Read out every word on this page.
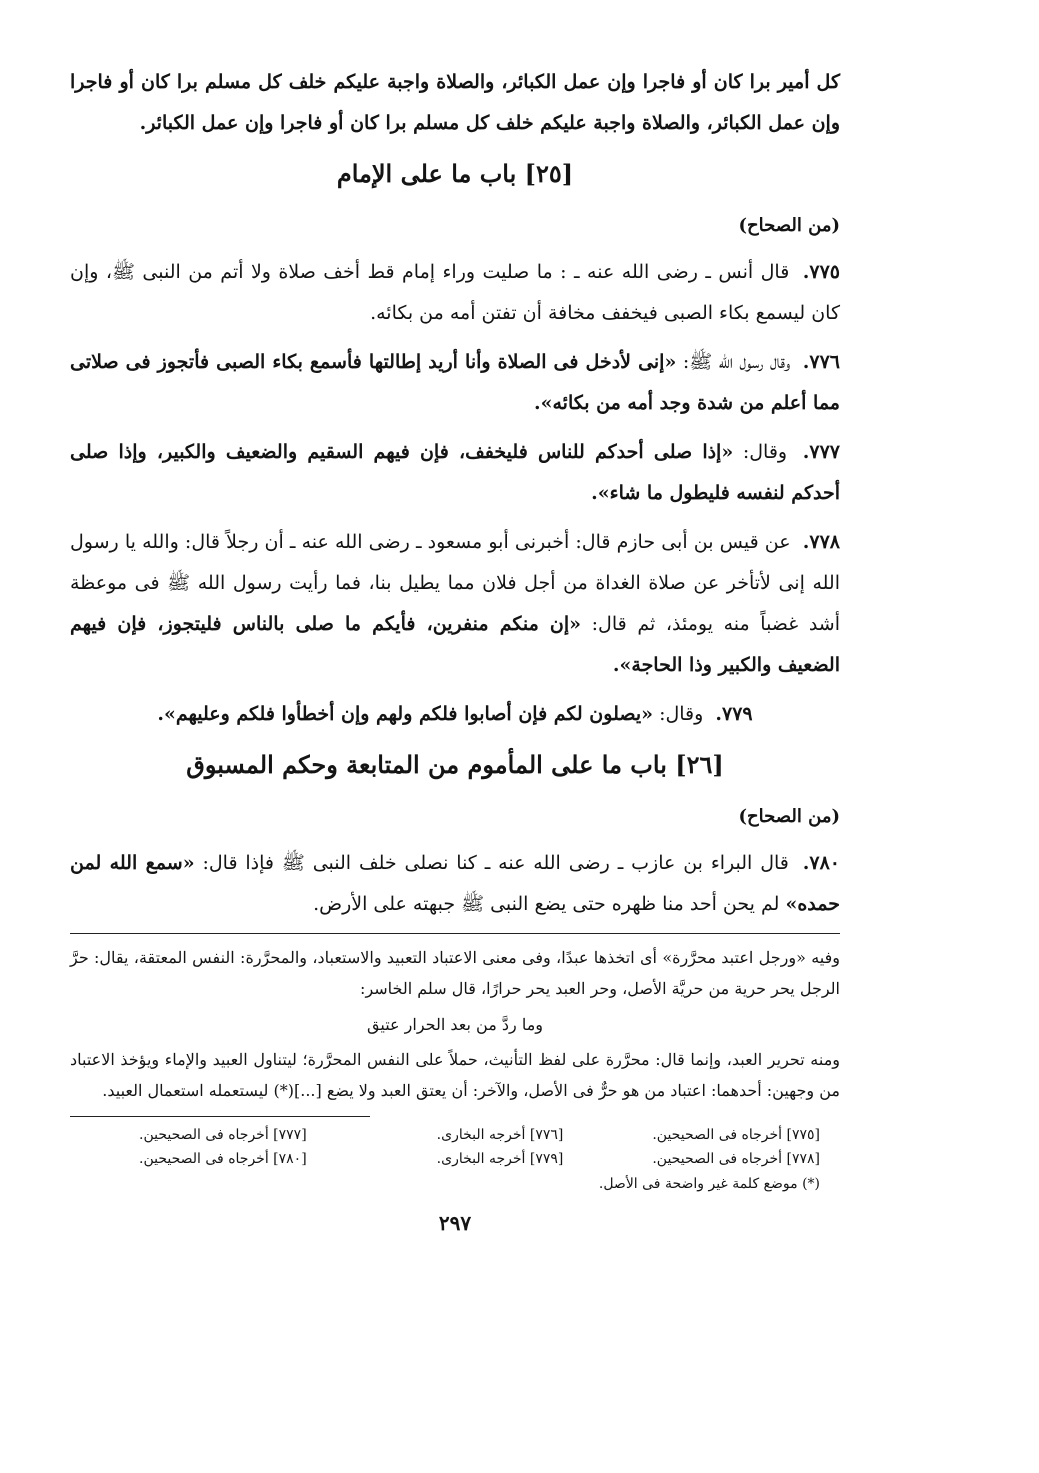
كل أمير برا كان أو فاجرا وإن عمل الكبائر، والصلاة واجبة عليكم خلف كل مسلم برا كان أو فاجرا وإن عمل الكبائر، والصلاة واجبة عليكم خلف كل مسلم برا كان أو فاجرا وإن عمل الكبائر.

[٢٥] باب ما على الإمام
(من الصحاح)

٧٧٥. قال أنس ـ رضى الله عنه ـ : ما صليت وراء إمام قط أخف صلاة ولا أتم من النبى ﷺ، وإن كان ليسمع بكاء الصبى فيخفف مخافة أن تفتن أمه من بكائه.

٧٧٦. وقال رسول الله ﷺ: «إنى لأدخل فى الصلاة وأنا أريد إطالتها فأسمع بكاء الصبى فأتجوز فى صلاتى مما أعلم من شدة وجد أمه من بكائه».

٧٧٧. وقال: «إذا صلى أحدكم للناس فليخفف، فإن فيهم السقيم والضعيف والكبير، وإذا صلى أحدكم لنفسه فليطول ما شاء».

٧٧٨. عن قيس بن أبى حازم قال: أخبرنى أبو مسعود ـ رضى الله عنه ـ أن رجلاً قال: والله يا رسول الله إنى لأتأخر عن صلاة الغداة من أجل فلان مما يطيل بنا، فما رأيت رسول الله ﷺ فى موعظة أشد غضباً منه يومئذ، ثم قال: «إن منكم منفرين، فأيكم ما صلى بالناس فليتجوز، فإن فيهم الضعيف والكبير وذا الحاجة».

٧٧٩. وقال: «يصلون لكم فإن أصابوا فلكم ولهم وإن أخطأوا فلكم وعليهم».

[٢٦] باب ما على المأموم من المتابعة وحكم المسبوق
(من الصحاح)

٧٨٠. قال البراء بن عازب ـ رضى الله عنه ـ كنا نصلى خلف النبى ﷺ فإذا قال: «سمع الله لمن حمده» لم يحن أحد منا ظهره حتى يضع النبى ﷺ جبهته على الأرض.

وفيه «ورجل اعتبد محرَّرة» أى اتخذها عبدًا، وفى معنى الاعتباد التعبيد والاستعباد، والمحرَّرة: النفس المعتقة، يقال: حرَّ الرجل يحر حرية من حريَّة الأصل، وحر العبد يحر حرارًا، قال سلم الخاسر:

وما ردَّ من بعد الحرار عتيق

ومنه تحرير العبد، وإنما قال: محرَّرة على لفظ التأنيث، حملاً على النفس المحرَّرة؛ ليتناول العبيد والإماء ويؤخذ الاعتباد من وجهين: أحدهما: اعتباد من هو حرٌّ فى الأصل، والآخر: أن يعتق العبد ولا يضع [...](*) ليستعمله استعمال العبيد.

[٧٧٥] أخرجاه فى الصحيحين.
[٧٧٦] أخرجه البخارى.
[٧٧٧] أخرجاه فى الصحيحين.
[٧٧٨] أخرجاه فى الصحيحين.
[٧٧٩] أخرجه البخارى.
[٧٨٠] أخرجاه فى الصحيحين.
(*) موضع كلمة غير واضحة فى الأصل.
٢٩٧
